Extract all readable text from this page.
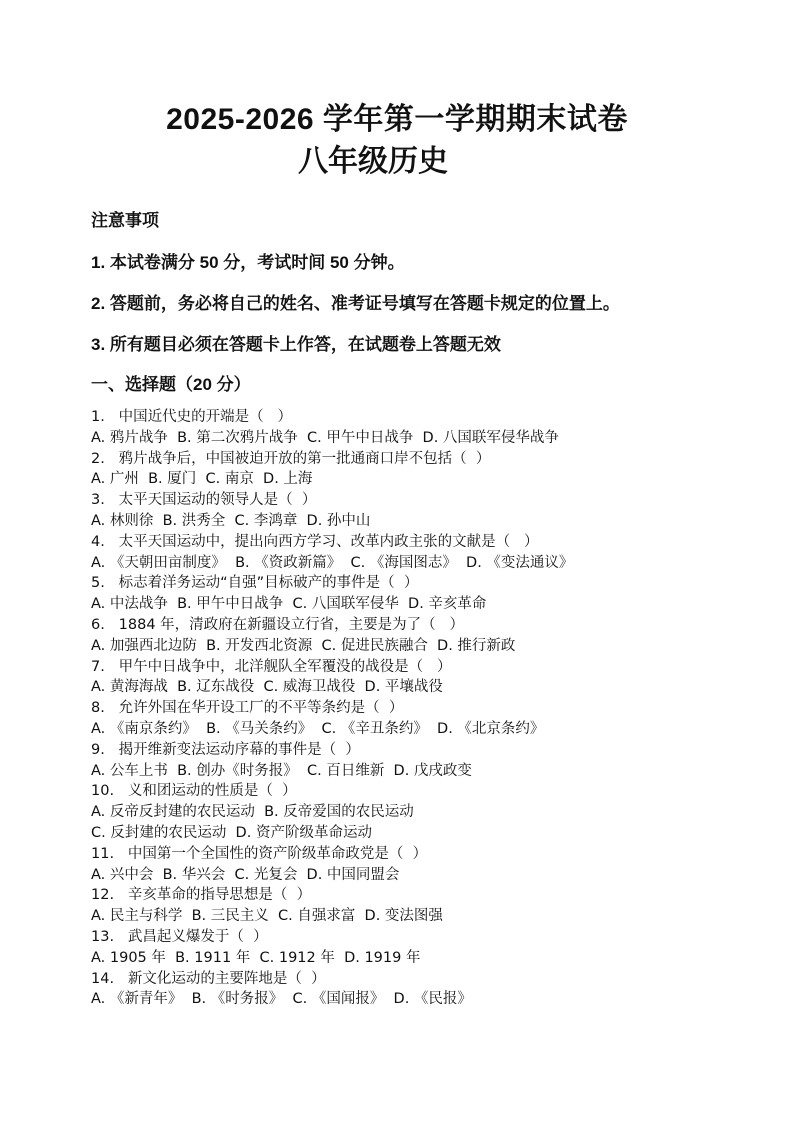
2025-2026 学年第一学期期末试卷
八年级历史
注意事项
1. 本试卷满分 50 分，考试时间 50 分钟。
2. 答题前，务必将自己的姓名、准考证号填写在答题卡规定的位置上。
3. 所有题目必须在答题卡上作答，在试题卷上答题无效
一、选择题（20 分）
1.   中国近代史的开端是（   ）
A. 鸦片战争  B. 第二次鸦片战争  C. 甲午中日战争  D. 八国联军侵华战争
2.   鸦片战争后，中国被迫开放的第一批通商口岸不包括（  ）
A. 广州  B. 厦门  C. 南京  D. 上海
3.   太平天国运动的领导人是（  ）
A. 林则徐  B. 洪秀全  C. 李鸿章  D. 孙中山
4.   太平天国运动中，提出向西方学习、改革内政主张的文献是（   ）
A. 《天朝田亩制度》  B. 《资政新篇》  C. 《海国图志》  D. 《变法通议》
5.   标志着洋务运动“自强”目标破产的事件是（  ）
A. 中法战争  B. 甲午中日战争  C. 八国联军侵华  D. 辛亥革命
6.   1884 年，清政府在新疆设立行省，主要是为了（   ）
A. 加强西北边防  B. 开发西北资源  C. 促进民族融合  D. 推行新政
7.   甲午中日战争中，北洋舰队全军覆没的战役是（   ）
A. 黄海海战  B. 辽东战役  C. 威海卫战役  D. 平壤战役
8.   允许外国在华开设工厂的不平等条约是（  ）
A. 《南京条约》  B. 《马关条约》  C. 《辛丑条约》  D. 《北京条约》
9.   揭开维新变法运动序幕的事件是（  ）
A. 公车上书  B. 创办《时务报》  C. 百日维新  D. 戊戌政变
10.   义和团运动的性质是（  ）
A. 反帝反封建的农民运动  B. 反帝爱国的农民运动
C. 反封建的农民运动  D. 资产阶级革命运动
11.   中国第一个全国性的资产阶级革命政党是（  ）
A. 兴中会  B. 华兴会  C. 光复会  D. 中国同盟会
12.   辛亥革命的指导思想是（  ）
A. 民主与科学  B. 三民主义  C. 自强求富  D. 变法图强
13.   武昌起义爆发于（  ）
A. 1905 年  B. 1911 年  C. 1912 年  D. 1919 年
14.   新文化运动的主要阵地是（  ）
A. 《新青年》  B. 《时务报》  C. 《国闻报》  D. 《民报》
